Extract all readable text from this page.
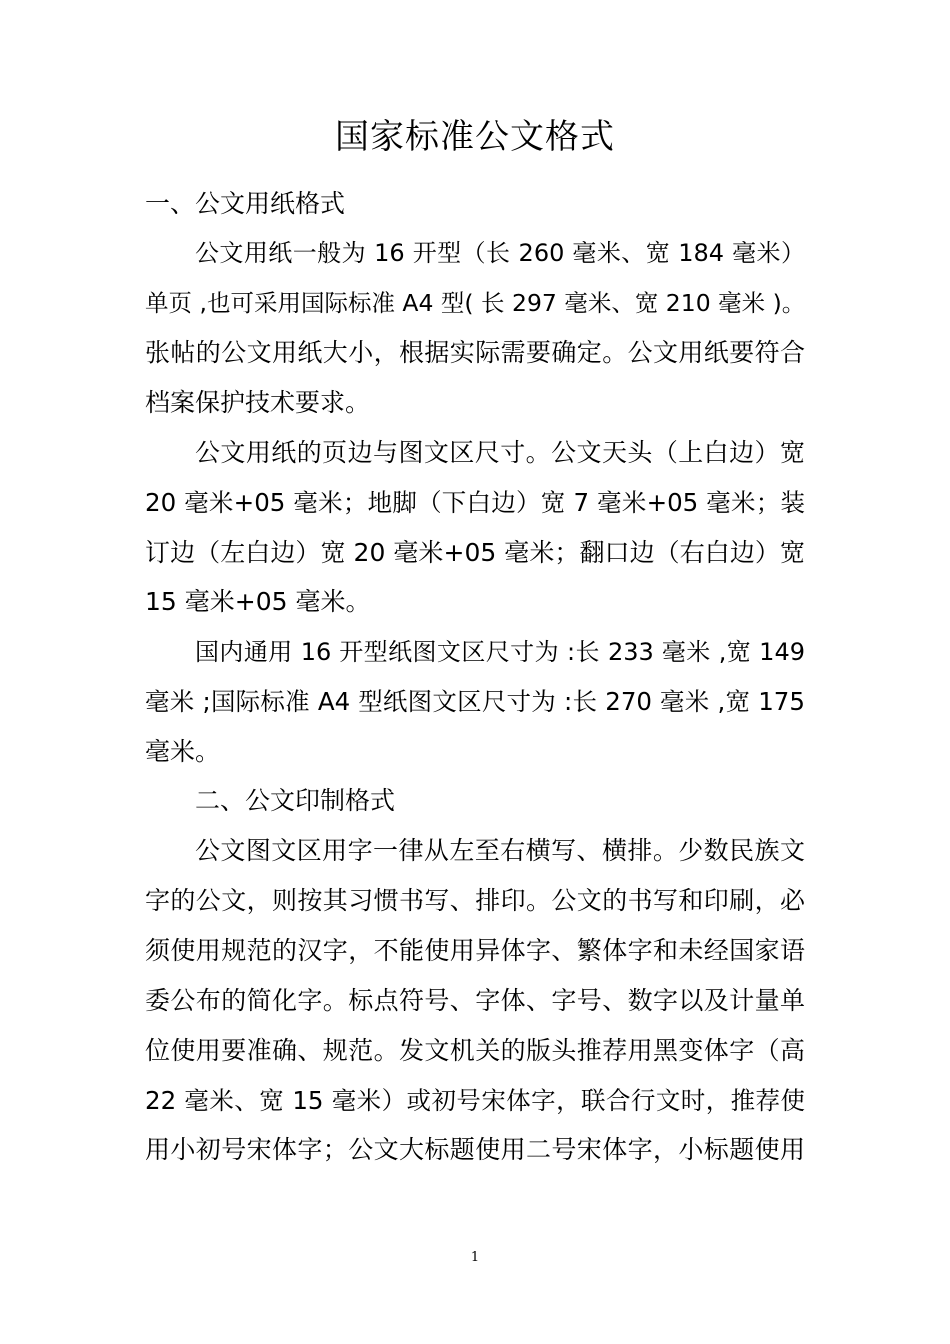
国家标准公文格式
一、公文用纸格式
公文用纸一般为 16 开型（长 260 毫米、宽 184 毫米）
单页 ,也可采用国际标准 A4 型( 长 297 毫米、宽 210 毫米 )。
张帖的公文用纸大小，根据实际需要确定。公文用纸要符合
档案保护技术要求。
公文用纸的页边与图文区尺寸。公文天头（上白边）宽
20 毫米+05 毫米；地脚（下白边）宽 7 毫米+05 毫米；装
订边（左白边）宽 20 毫米+05 毫米；翻口边（右白边）宽
15 毫米+05 毫米。
国内通用 16 开型纸图文区尺寸为 :长 233 毫米 ,宽 149
毫米 ;国际标准 A4 型纸图文区尺寸为 :长 270 毫米 ,宽 175
毫米。
二、公文印制格式
公文图文区用字一律从左至右横写、横排。少数民族文
字的公文，则按其习惯书写、排印。公文的书写和印刷，必
须使用规范的汉字，不能使用异体字、繁体字和未经国家语
委公布的简化字。标点符号、字体、字号、数字以及计量单
位使用要准确、规范。发文机关的版头推荐用黑变体字（高
22 毫米、宽 15 毫米）或初号宋体字，联合行文时，推荐使
用小初号宋体字；公文大标题使用二号宋体字，小标题使用
1
